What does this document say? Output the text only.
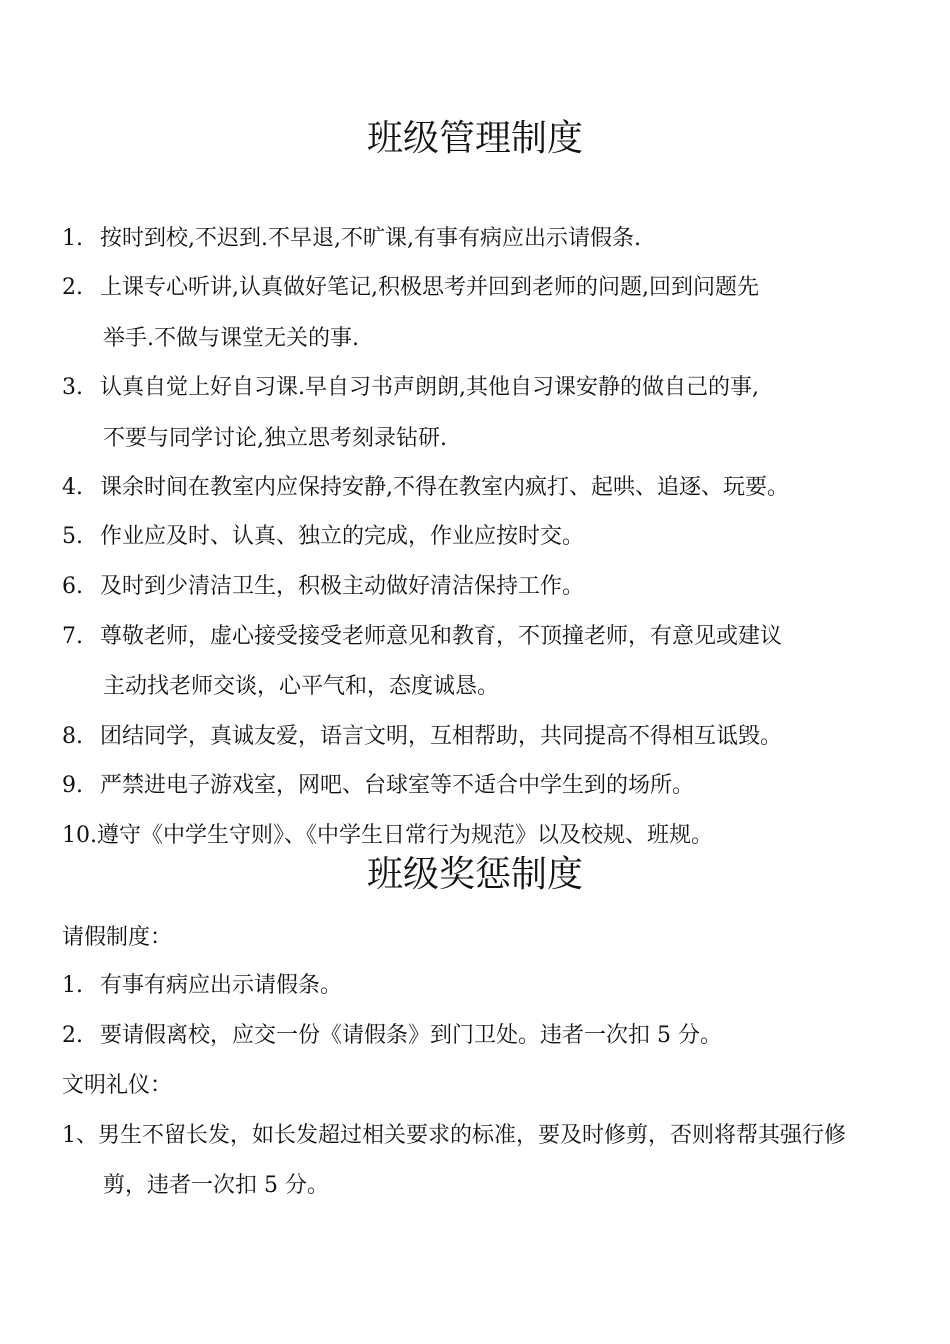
班级管理制度
1. 按时到校,不迟到.不早退,不旷课,有事有病应出示请假条.
2. 上课专心听讲,认真做好笔记,积极思考并回到老师的问题,回到问题先
举手.不做与课堂无关的事.
3. 认真自觉上好自习课.早自习书声朗朗,其他自习课安静的做自己的事,
不要与同学讨论,独立思考刻录钻研.
4. 课余时间在教室内应保持安静,不得在教室内疯打、起哄、追逐、玩要。
5. 作业应及时、认真、独立的完成，作业应按时交。
6. 及时到少清洁卫生，积极主动做好清洁保持工作。
7. 尊敬老师，虚心接受接受老师意见和教育，不顶撞老师，有意见或建议
主动找老师交谈，心平气和，态度诚恳。
8. 团结同学，真诚友爱，语言文明，互相帮助，共同提高不得相互诋毁。
9. 严禁进电子游戏室，网吧、台球室等不适合中学生到的场所。
10.遵守《中学生守则》、《中学生日常行为规范》以及校规、班规。
班级奖惩制度
请假制度：
1. 有事有病应出示请假条。
2. 要请假离校，应交一份《请假条》到门卫处。违者一次扣 5 分。
文明礼仪：
1、男生不留长发，如长发超过相关要求的标准，要及时修剪，否则将帮其强行修
剪，违者一次扣 5 分。
